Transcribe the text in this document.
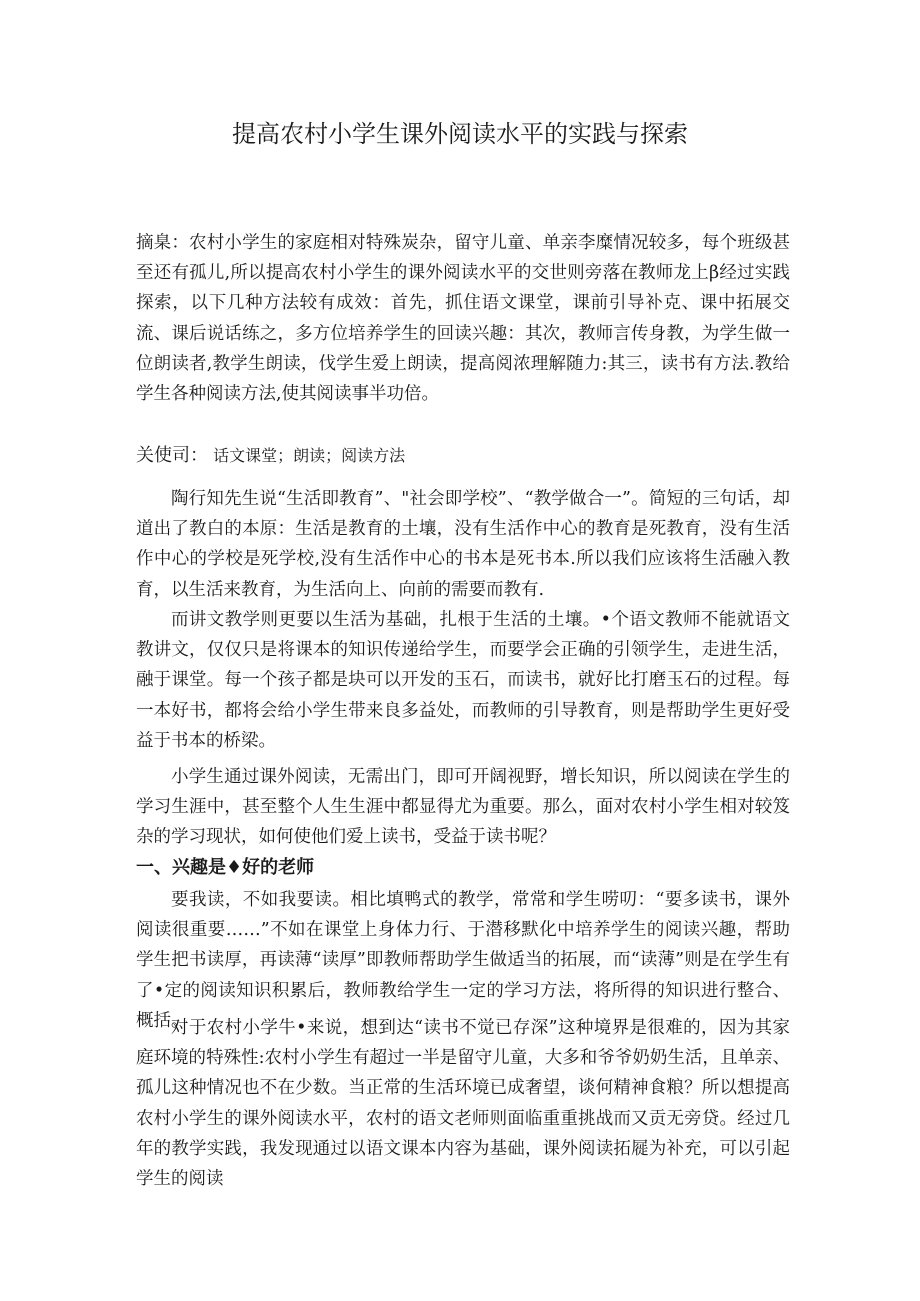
提高农村小学生课外阅读水平的实践与探索

摘臬：农村小学生的家庭相对特殊炭杂，留守儿童、单亲李糜情况较多，每个班级甚至还有孤儿,所以提高农村小学生的课外阅读水平的交世则旁落在教师龙上β经过实践探索，以下几种方法较有成效：首先，抓住语文课堂，课前引导补克、课中拓展交流、课后说话练之，多方位培养学生的回读兴趣：其次，教师言传身教，为学生做一位朗读者,教学生朗读，伐学生爱上朗读，提高阅浓理解随力:其三，读书有方法.教给学生各种阅读方法,使其阅读事半功倍。

关使司： 话文课堂；朗读；阅读方法

陶行知先生说“生活即教育”、"社会即学校”、“教学做合一”。简短的三句话，却道出了教白的本原：生活是教育的土壤，没有生活作中心的教育是死教育，没有生活作中心的学校是死学校,没有生活作中心的书本是死书本.所以我们应该将生活融入教育，以生活来教育，为生活向上、向前的需要而教有.

而讲文教学则更要以生活为基础，扎根于生活的土壤。•个语文教师不能就语文教讲文，仅仅只是将课本的知识传递给学生，而要学会正确的引领学生，走进生活，融于课堂。每一个孩子都是块可以开发的玉石，而读书，就好比打磨玉石的过程。每一本好书，都将会给小学生带来良多益处，而教师的引导教育，则是帮助学生更好受益于书本的桥梁。

小学生通过课外阅读，无需出门，即可开阔视野，增长知识，所以阅读在学生的学习生涯中，甚至整个人生生涯中都显得尤为重要。那么，面对农村小学生相对较笈杂的学习现状，如何使他们爱上读书，受益于读书呢？

一、兴趣是♦好的老师

要我读，不如我要读。相比填鸭式的教学，常常和学生唠叨：“要多读书，课外阅读很重要……”不如在课堂上身体力行、于潜移默化中培养学生的阅读兴趣，帮助学生把书读厚，再读薄“读厚”即教师帮助学生做适当的拓展，而“读薄”则是在学生有了•定的阅读知识积累后，教师教给学生一定的学习方法，将所得的知识进行整合、概括。

对于农村小学牛•来说，想到达“读书不觉已存深”这种境界是很难的，因为其家庭环境的特殊性:农村小学生有超过一半是留守儿童，大多和爷爷奶奶生活，且单亲、孤儿这种情况也不在少数。当正常的生活环境已成奢望，谈何精神食粮？所以想提高农村小学生的课外阅读水平，农村的语文老师则面临重重挑战而又贡无旁贷。经过几年的教学实践，我发现通过以语文课本内容为基础，课外阅读拓屣为补充，可以引起学生的阅读
